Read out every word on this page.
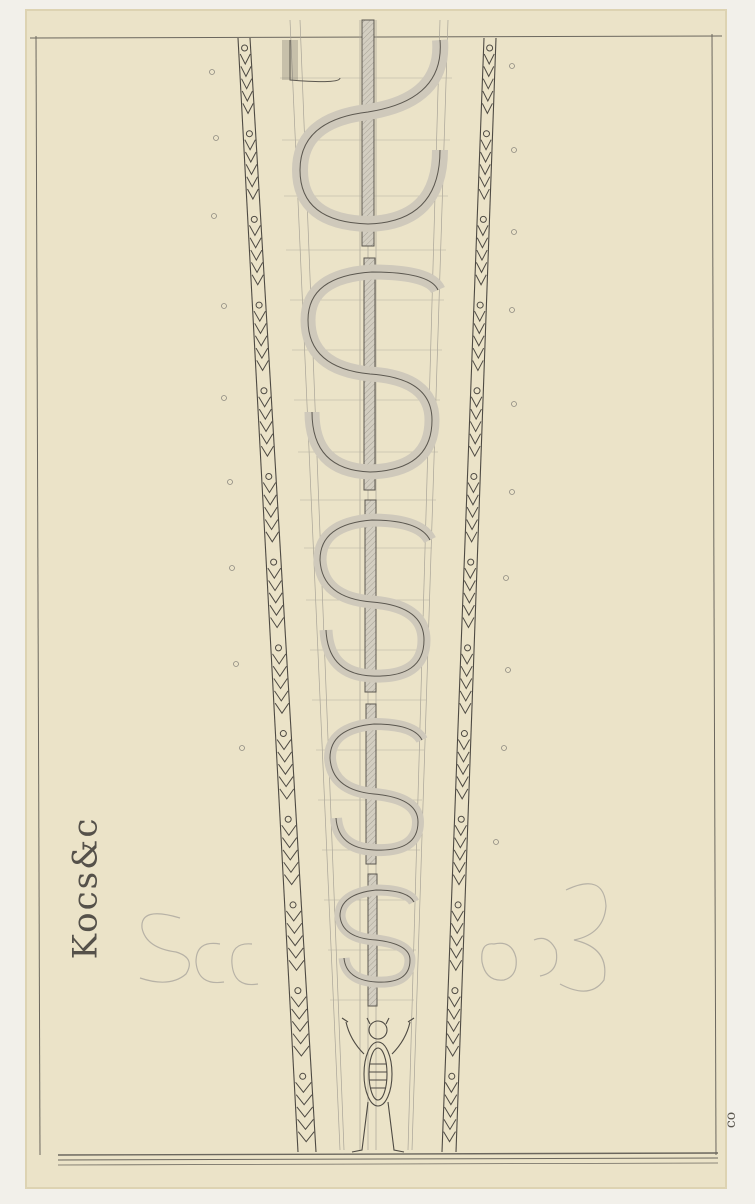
Kocs&c
co
